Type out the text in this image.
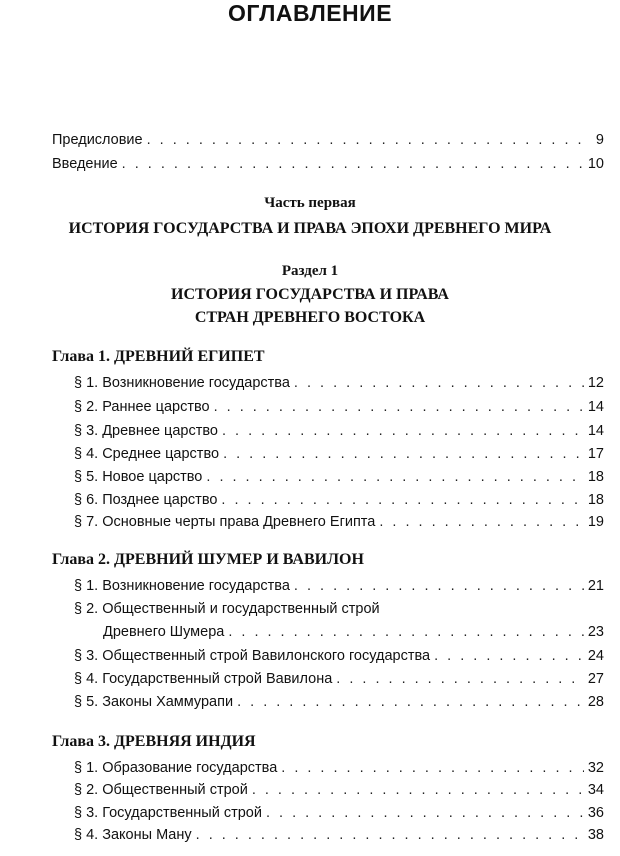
ОГЛАВЛЕНИЕ
Предисловие . . .	9
Введение . . .	10
Часть первая
ИСТОРИЯ ГОСУДАРСТВА И ПРАВА ЭПОХИ ДРЕВНЕГО МИРА
Раздел 1
ИСТОРИЯ ГОСУДАРСТВА И ПРАВА
СТРАН ДРЕВНЕГО ВОСТОКА
Глава 1. ДРЕВНИЙ ЕГИПЕТ
§ 1. Возникновение государства . . .	12
§ 2. Раннее царство . . .	14
§ 3. Древнее царство . . .	14
§ 4. Среднее царство . . .	17
§ 5. Новое царство . . .	18
§ 6. Позднее царство . . .	18
§ 7. Основные черты права Древнего Египта . . .	19
Глава 2. ДРЕВНИЙ ШУМЕР И ВАВИЛОН
§ 1. Возникновение государства . . .	21
§ 2. Общественный и государственный строй
Древнего Шумера . . .	23
§ 3. Общественный строй Вавилонского государства . . .	24
§ 4. Государственный строй Вавилона . . .	27
§ 5. Законы Хаммурапи . . .	28
Глава 3. ДРЕВНЯЯ ИНДИЯ
§ 1. Образование государства . . .	32
§ 2. Общественный строй . . .	34
§ 3. Государственный строй . . .	36
§ 4. Законы Ману . . .	38
